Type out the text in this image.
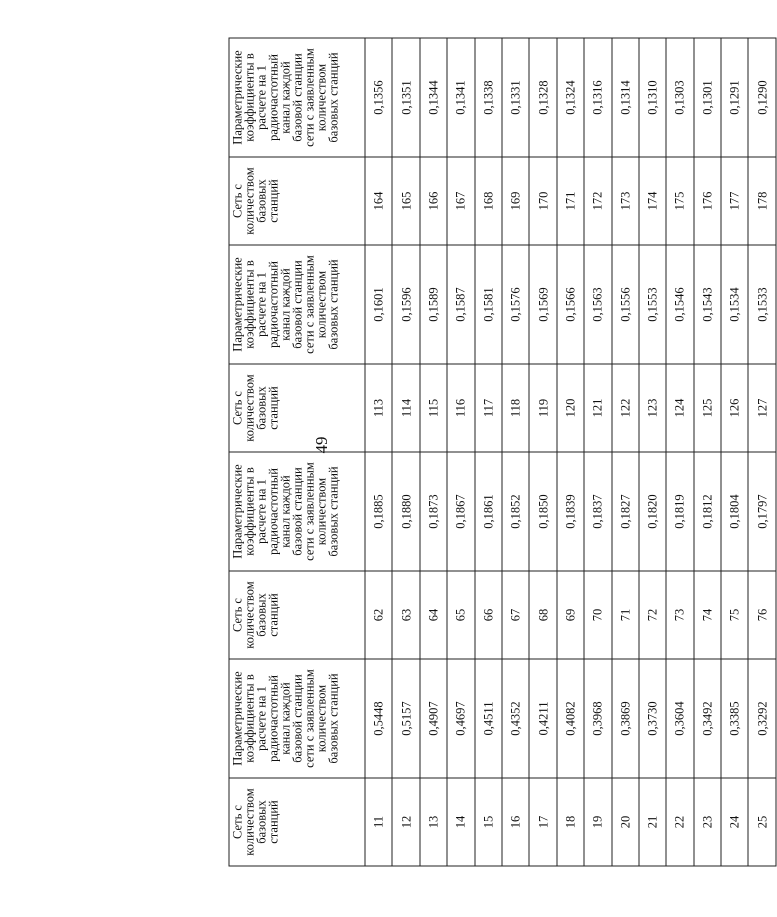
49
Сеть с количеством базовых станций	Параметрические коэффициенты в расчете на 1 радиочастотный канал каждой базовой станции сети с заявленным количеством базовых станций	Сеть с количеством базовых станций	Параметрические коэффициенты в расчете на 1 радиочастотный канал каждой базовой станции сети с заявленным количеством базовых станций	Сеть с количеством базовых станций	Параметрические коэффициенты в расчете на 1 радиочастотный канал каждой базовой станции сети с заявленным количеством базовых станций	Сеть с количеством базовых станций	Параметрические коэффициенты в расчете на 1 радиочастотный канал каждой базовой станции сети с заявленным количеством базовых станций
11	0,5448	62	0,1885	113	0,1601	164	0,1356
12	0,5157	63	0,1880	114	0,1596	165	0,1351
13	0,4907	64	0,1873	115	0,1589	166	0,1344
14	0,4697	65	0,1867	116	0,1587	167	0,1341
15	0,4511	66	0,1861	117	0,1581	168	0,1338
16	0,4352	67	0,1852	118	0,1576	169	0,1331
17	0,4211	68	0,1850	119	0,1569	170	0,1328
18	0,4082	69	0,1839	120	0,1566	171	0,1324
19	0,3968	70	0,1837	121	0,1563	172	0,1316
20	0,3869	71	0,1827	122	0,1556	173	0,1314
21	0,3730	72	0,1820	123	0,1553	174	0,1310
22	0,3604	73	0,1819	124	0,1546	175	0,1303
23	0,3492	74	0,1812	125	0,1543	176	0,1301
24	0,3385	75	0,1804	126	0,1534	177	0,1291
25	0,3292	76	0,1797	127	0,1533	178	0,1290
